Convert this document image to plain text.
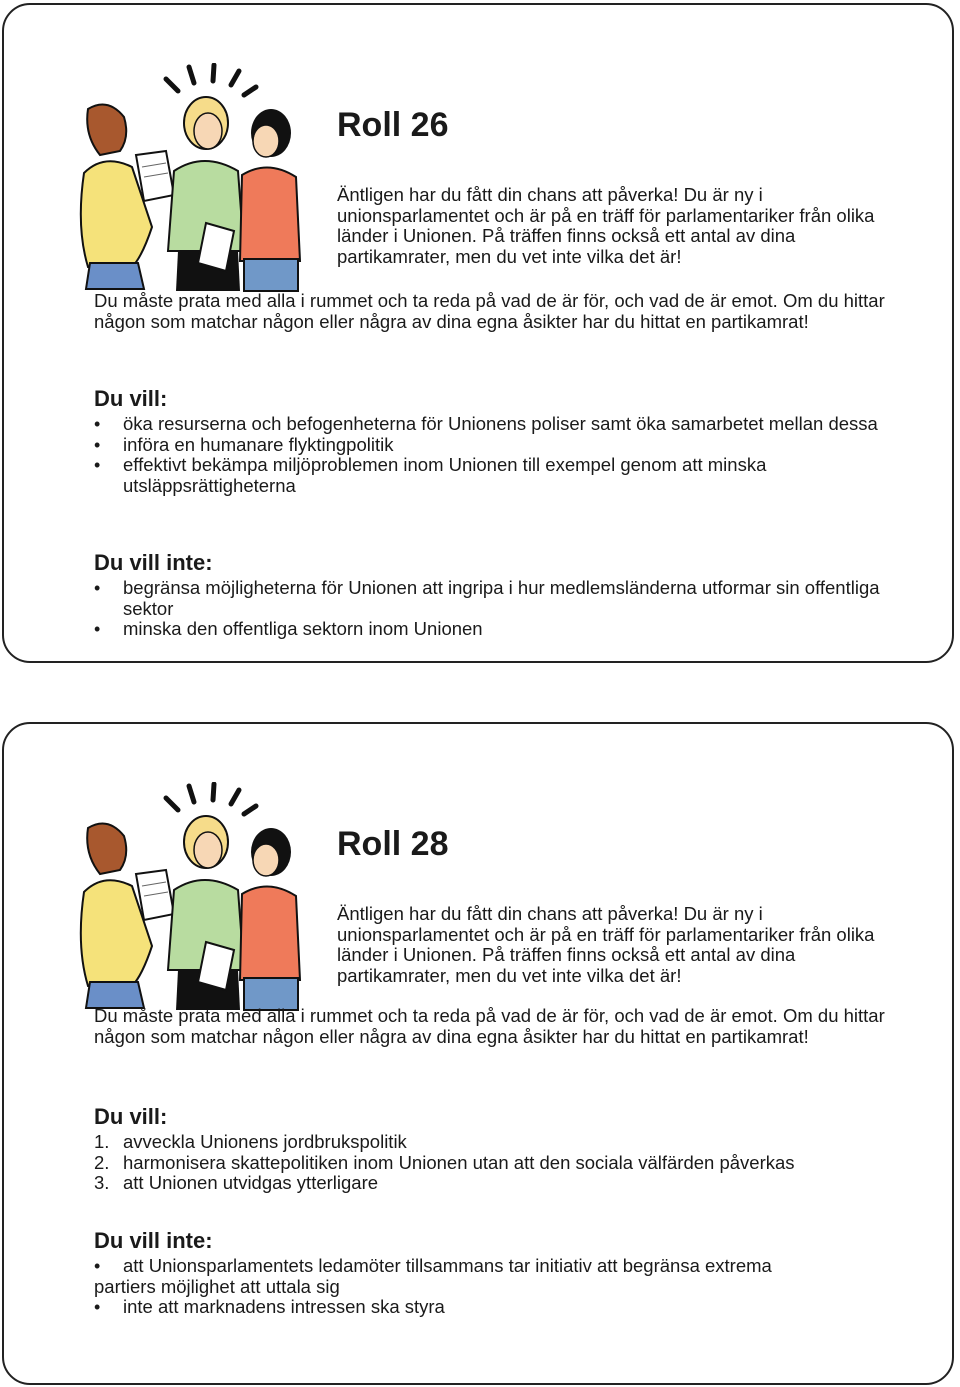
Roll 26

Äntligen har du fått din chans att påverka! Du är ny i unionsparlamentet och är på en träff för parlamentariker från olika länder i Unionen. På träffen finns också ett antal av dina partikamrater, men du vet inte vilka det är!

Du måste prata med alla i rummet och ta reda på vad de är för, och vad de är emot. Om du hittar någon som matchar någon eller några av dina egna åsikter har du hittat en partikamrat!

Du vill:
• öka resurserna och befogenheterna för Unionens poliser samt öka samarbetet mellan dessa
• införa en humanare flyktingpolitik
• effektivt bekämpa miljöproblemen inom Unionen till exempel genom att minska utsläppsrättigheterna
Du vill inte:
• begränsa möjligheterna för Unionen att ingripa i hur medlemsländerna utformar sin offentliga sektor
• minska den offentliga sektorn inom Unionen
Roll 28

Äntligen har du fått din chans att påverka! Du är ny i unionsparlamentet och är på en träff för parlamentariker från olika länder i Unionen. På träffen finns också ett antal av dina partikamrater, men du vet inte vilka det är!

Du måste prata med alla i rummet och ta reda på vad de är för, och vad de är emot. Om du hittar någon som matchar någon eller några av dina egna åsikter har du hittat en partikamrat!

Du vill:
1. avveckla Unionens jordbrukspolitik
2. harmonisera skattepolitiken inom Unionen utan att den sociala välfärden påverkas
3. att Unionen utvidgas ytterligare
Du vill inte:
• att Unionsparlamentets ledamöter tillsammans tar initiativ att begränsa extrema
partiers möjlighet att uttala sig
• inte att marknadens intressen ska styra
